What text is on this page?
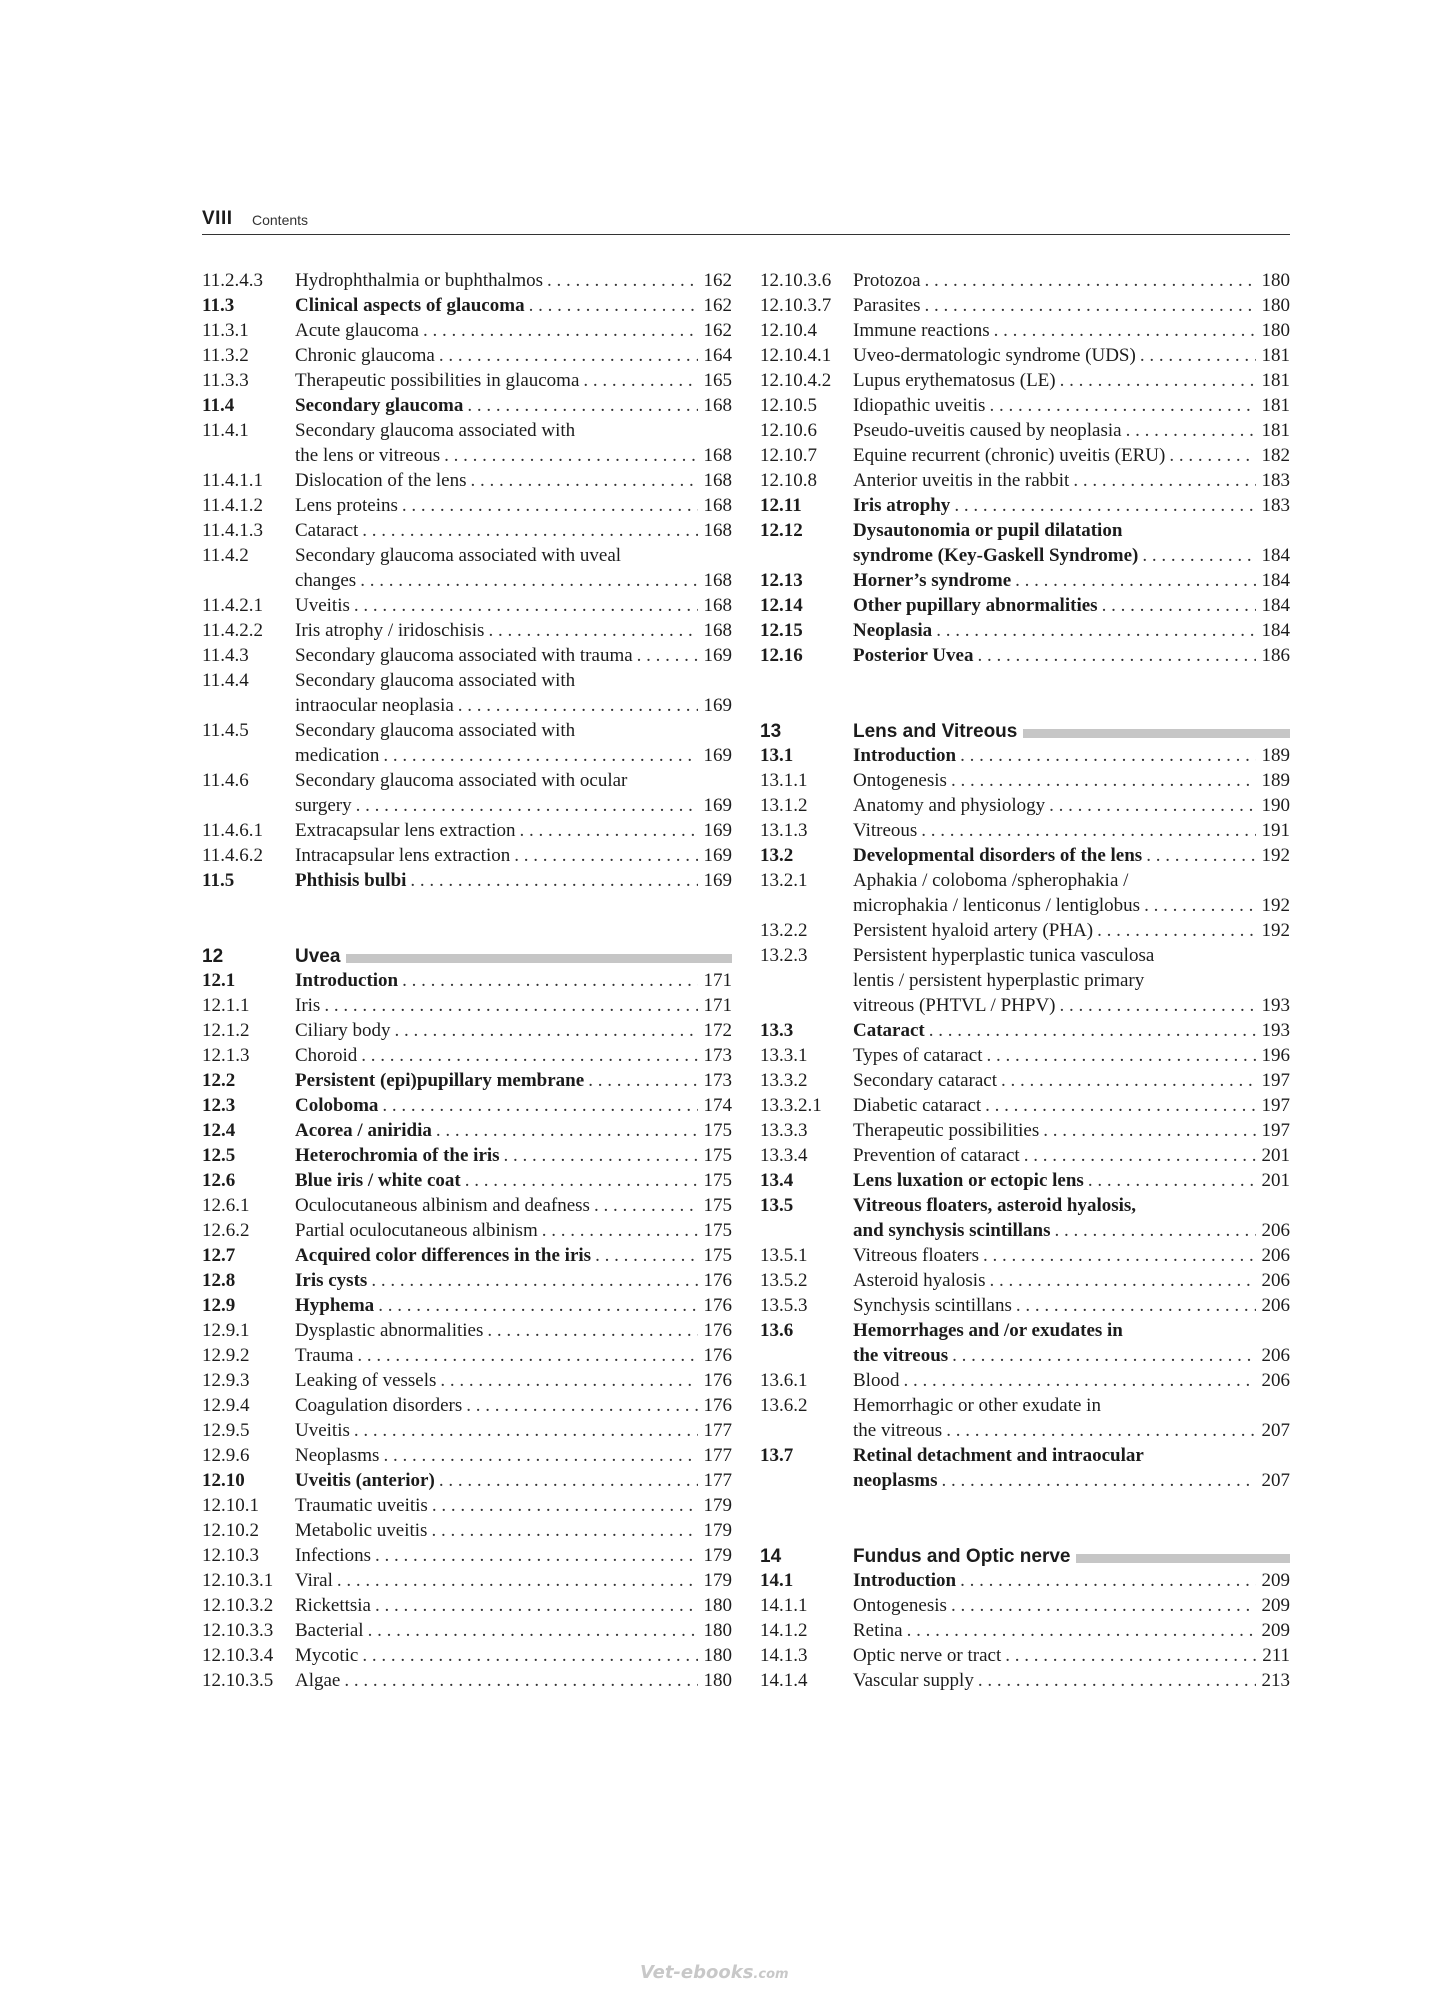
VIII Contents
11.2.4.3	Hydrophthalmia or buphthalmos . . .	162
11.3	Clinical aspects of glaucoma . . .	162
11.3.1	Acute glaucoma . . .	162
11.3.2	Chronic glaucoma . . .	164
11.3.3	Therapeutic possibilities in glaucoma . . .	165
11.4	Secondary glaucoma . . .	168
11.4.1	Secondary glaucoma associated with
the lens or vitreous . . .	168
11.4.1.1	Dislocation of the lens . . .	168
11.4.1.2	Lens proteins . . .	168
11.4.1.3	Cataract . . .	168
11.4.2	Secondary glaucoma associated with uveal
changes . . .	168
11.4.2.1	Uveitis . . .	168
11.4.2.2	Iris atrophy / iridoschisis . . .	168
11.4.3	Secondary glaucoma associated with trauma . . .	169
11.4.4	Secondary glaucoma associated with
intraocular neoplasia . . .	169
11.4.5	Secondary glaucoma associated with
medication . . .	169
11.4.6	Secondary glaucoma associated with ocular
surgery . . .	169
11.4.6.1	Extracapsular lens extraction . . .	169
11.4.6.2	Intracapsular lens extraction . . .	169
11.5	Phthisis bulbi . . .	169
12	Uvea
12.1	Introduction . . .	171
12.1.1	Iris . . .	171
12.1.2	Ciliary body . . .	172
12.1.3	Choroid . . .	173
12.2	Persistent (epi)pupillary membrane . . .	173
12.3	Coloboma . . .	174
12.4	Acorea / aniridia . . .	175
12.5	Heterochromia of the iris . . .	175
12.6	Blue iris / white coat . . .	175
12.6.1	Oculocutaneous albinism and deafness . . .	175
12.6.2	Partial oculocutaneous albinism . . .	175
12.7	Acquired color differences in the iris . . .	175
12.8	Iris cysts . . .	176
12.9	Hyphema . . .	176
12.9.1	Dysplastic abnormalities . . .	176
12.9.2	Trauma . . .	176
12.9.3	Leaking of vessels . . .	176
12.9.4	Coagulation disorders . . .	176
12.9.5	Uveitis . . .	177
12.9.6	Neoplasms . . .	177
12.10	Uveitis (anterior) . . .	177
12.10.1	Traumatic uveitis . . .	179
12.10.2	Metabolic uveitis . . .	179
12.10.3	Infections . . .	179
12.10.3.1	Viral . . .	179
12.10.3.2	Rickettsia . . .	180
12.10.3.3	Bacterial . . .	180
12.10.3.4	Mycotic . . .	180
12.10.3.5	Algae . . .	180
12.10.3.6	Protozoa . . .	180
12.10.3.7	Parasites . . .	180
12.10.4	Immune reactions . . .	180
12.10.4.1	Uveo-dermatologic syndrome (UDS) . . .	181
12.10.4.2	Lupus erythematosus (LE) . . .	181
12.10.5	Idiopathic uveitis . . .	181
12.10.6	Pseudo-uveitis caused by neoplasia . . .	181
12.10.7	Equine recurrent (chronic) uveitis (ERU) . . .	182
12.10.8	Anterior uveitis in the rabbit . . .	183
12.11	Iris atrophy . . .	183
12.12	Dysautonomia or pupil dilatation
syndrome (Key-Gaskell Syndrome) . . .	184
12.13	Horner’s syndrome . . .	184
12.14	Other pupillary abnormalities . . .	184
12.15	Neoplasia . . .	184
12.16	Posterior Uvea . . .	186
13	Lens and Vitreous
13.1	Introduction . . .	189
13.1.1	Ontogenesis . . .	189
13.1.2	Anatomy and physiology . . .	190
13.1.3	Vitreous . . .	191
13.2	Developmental disorders of the lens . . .	192
13.2.1	Aphakia / coloboma /spherophakia /
microphakia / lenticonus / lentiglobus . . .	192
13.2.2	Persistent hyaloid artery (PHA) . . .	192
13.2.3	Persistent hyperplastic tunica vasculosa
lentis / persistent hyperplastic primary
vitreous (PHTVL / PHPV) . . .	193
13.3	Cataract . . .	193
13.3.1	Types of cataract . . .	196
13.3.2	Secondary cataract . . .	197
13.3.2.1	Diabetic cataract . . .	197
13.3.3	Therapeutic possibilities . . .	197
13.3.4	Prevention of cataract . . .	201
13.4	Lens luxation or ectopic lens . . .	201
13.5	Vitreous floaters, asteroid hyalosis,
and synchysis scintillans . . .	206
13.5.1	Vitreous floaters . . .	206
13.5.2	Asteroid hyalosis . . .	206
13.5.3	Synchysis scintillans . . .	206
13.6	Hemorrhages and /or exudates in
the vitreous . . .	206
13.6.1	Blood . . .	206
13.6.2	Hemorrhagic or other exudate in
the vitreous . . .	207
13.7	Retinal detachment and intraocular
neoplasms . . .	207
14	Fundus and Optic nerve
14.1	Introduction . . .	209
14.1.1	Ontogenesis . . .	209
14.1.2	Retina . . .	209
14.1.3	Optic nerve or tract . . .	211
14.1.4	Vascular supply . . .	213
Vet-ebooks.com
